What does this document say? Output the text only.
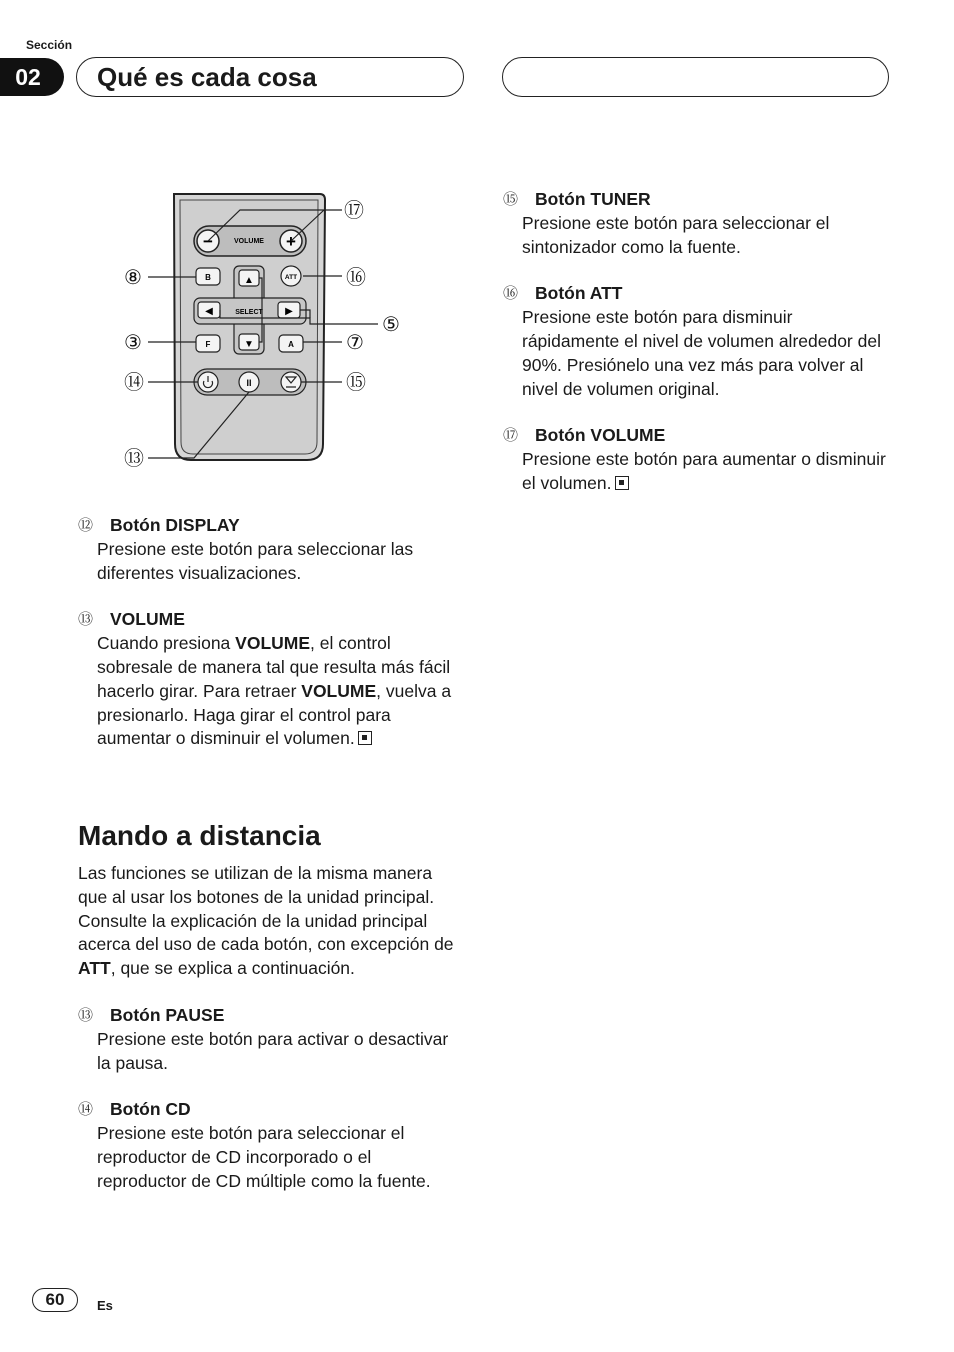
Sección
02	Qué es cada cosa
−	+
VOLUME
SELECT
▲
▼
◀	▶
B	ATT
F	A
II
⑰
⑧	⑯
⑤
③	⑦
⑭	⑮
⑬
⑫ Botón DISPLAY
Presione este botón para seleccionar las diferentes visualizaciones.
⑬ VOLUME
Cuando presiona VOLUME, el control sobresale de manera tal que resulta más fácil hacerlo girar. Para retraer VOLUME, vuelva a presionarlo. Haga girar el control para aumentar o disminuir el volumen.
Mando a distancia
Las funciones se utilizan de la misma manera que al usar los botones de la unidad principal. Consulte la explicación de la unidad principal acerca del uso de cada botón, con excepción de ATT, que se explica a continuación.
⑬ Botón PAUSE
Presione este botón para activar o desactivar la pausa.
⑭ Botón CD
Presione este botón para seleccionar el reproductor de CD incorporado o el reproductor de CD múltiple como la fuente.
⑮ Botón TUNER
Presione este botón para seleccionar el sintonizador como la fuente.
⑯ Botón ATT
Presione este botón para disminuir rápidamente el nivel de volumen alrededor del 90%. Presiónelo una vez más para volver al nivel de volumen original.
⑰ Botón VOLUME
Presione este botón para aumentar o disminuir el volumen.
60	Es
